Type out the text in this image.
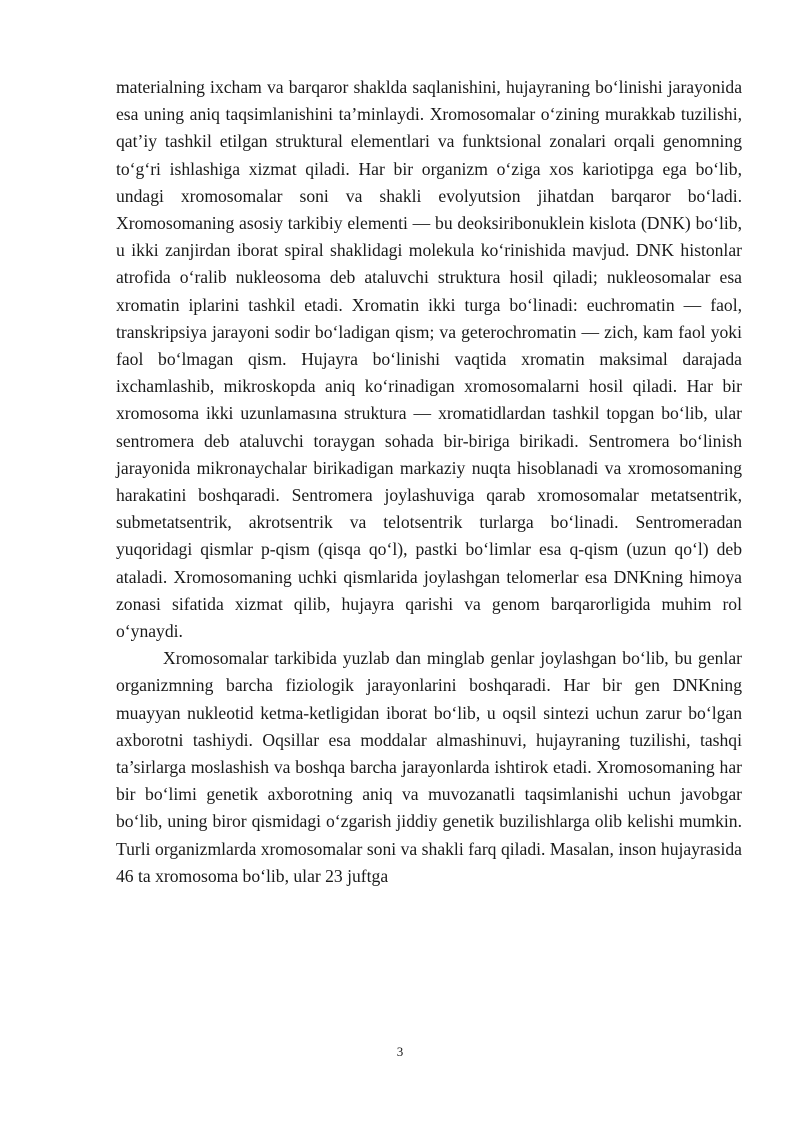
materialning ixcham va barqaror shaklda saqlanishini, hujayraning bo‘linishi jarayonida esa uning aniq taqsimlanishini ta’minlaydi. Xromosomalar o‘zining murakkab tuzilishi, qat’iy tashkil etilgan struktural elementlari va funktsional zonalari orqali genomning to‘g‘ri ishlashiga xizmat qiladi. Har bir organizm o‘ziga xos kariotipga ega bo‘lib, undagi xromosomalar soni va shakli evolyutsion jihatdan barqaror bo‘ladi. Xromosomaning asosiy tarkibiy elementi — bu deoksiribonuklein kislota (DNK) bo‘lib, u ikki zanjirdan iborat spiral shaklidagi molekula ko‘rinishida mavjud. DNK histonlar atrofida o‘ralib nukleosoma deb ataluvchi struktura hosil qiladi; nukleosomalar esa xromatin iplarini tashkil etadi. Xromatin ikki turga bo‘linadi: euchromatin — faol, transkripsiya jarayoni sodir bo‘ladigan qism; va geterochromatin — zich, kam faol yoki faol bo‘lmagan qism. Hujayra bo‘linishi vaqtida xromatin maksimal darajada ixchamlashib, mikroskopda aniq ko‘rinadigan xromosomalarni hosil qiladi. Har bir xromosoma ikki uzunlamasına struktura — xromatidlardan tashkil topgan bo‘lib, ular sentromera deb ataluvchi toraygan sohada bir-biriga birikadi. Sentromera bo‘linish jarayonida mikronaychalar birikadigan markaziy nuqta hisoblanadi va xromosomaning harakatini boshqaradi. Sentromera joylashuviga qarab xromosomalar metatsentrik, submetatsentrik, akrotsentrik va telotsentrik turlarga bo‘linadi. Sentromeradan yuqoridagi qismlar p-qism (qisqa qo‘l), pastki bo‘limlar esa q-qism (uzun qo‘l) deb ataladi. Xromosomaning uchki qismlarida joylashgan telomerlar esa DNKning himoya zonasi sifatida xizmat qilib, hujayra qarishi va genom barqarorligida muhim rol o‘ynaydi.

Xromosomalar tarkibida yuzlab dan minglab genlar joylashgan bo‘lib, bu genlar organizmning barcha fiziologik jarayonlarini boshqaradi. Har bir gen DNKning muayyan nukleotid ketma-ketligidan iborat bo‘lib, u oqsil sintezi uchun zarur bo‘lgan axborotni tashiydi. Oqsillar esa moddalar almashinuvi, hujayraning tuzilishi, tashqi ta’sirlarga moslashish va boshqa barcha jarayonlarda ishtirok etadi. Xromosomaning har bir bo‘limi genetik axborotning aniq va muvozanatli taqsimlanishi uchun javobgar bo‘lib, uning biror qismidagi o‘zgarish jiddiy genetik buzilishlarga olib kelishi mumkin. Turli organizmlarda xromosomalar soni va shakli farq qiladi. Masalan, inson hujayrasida 46 ta xromosoma bo‘lib, ular 23 juftga

3
